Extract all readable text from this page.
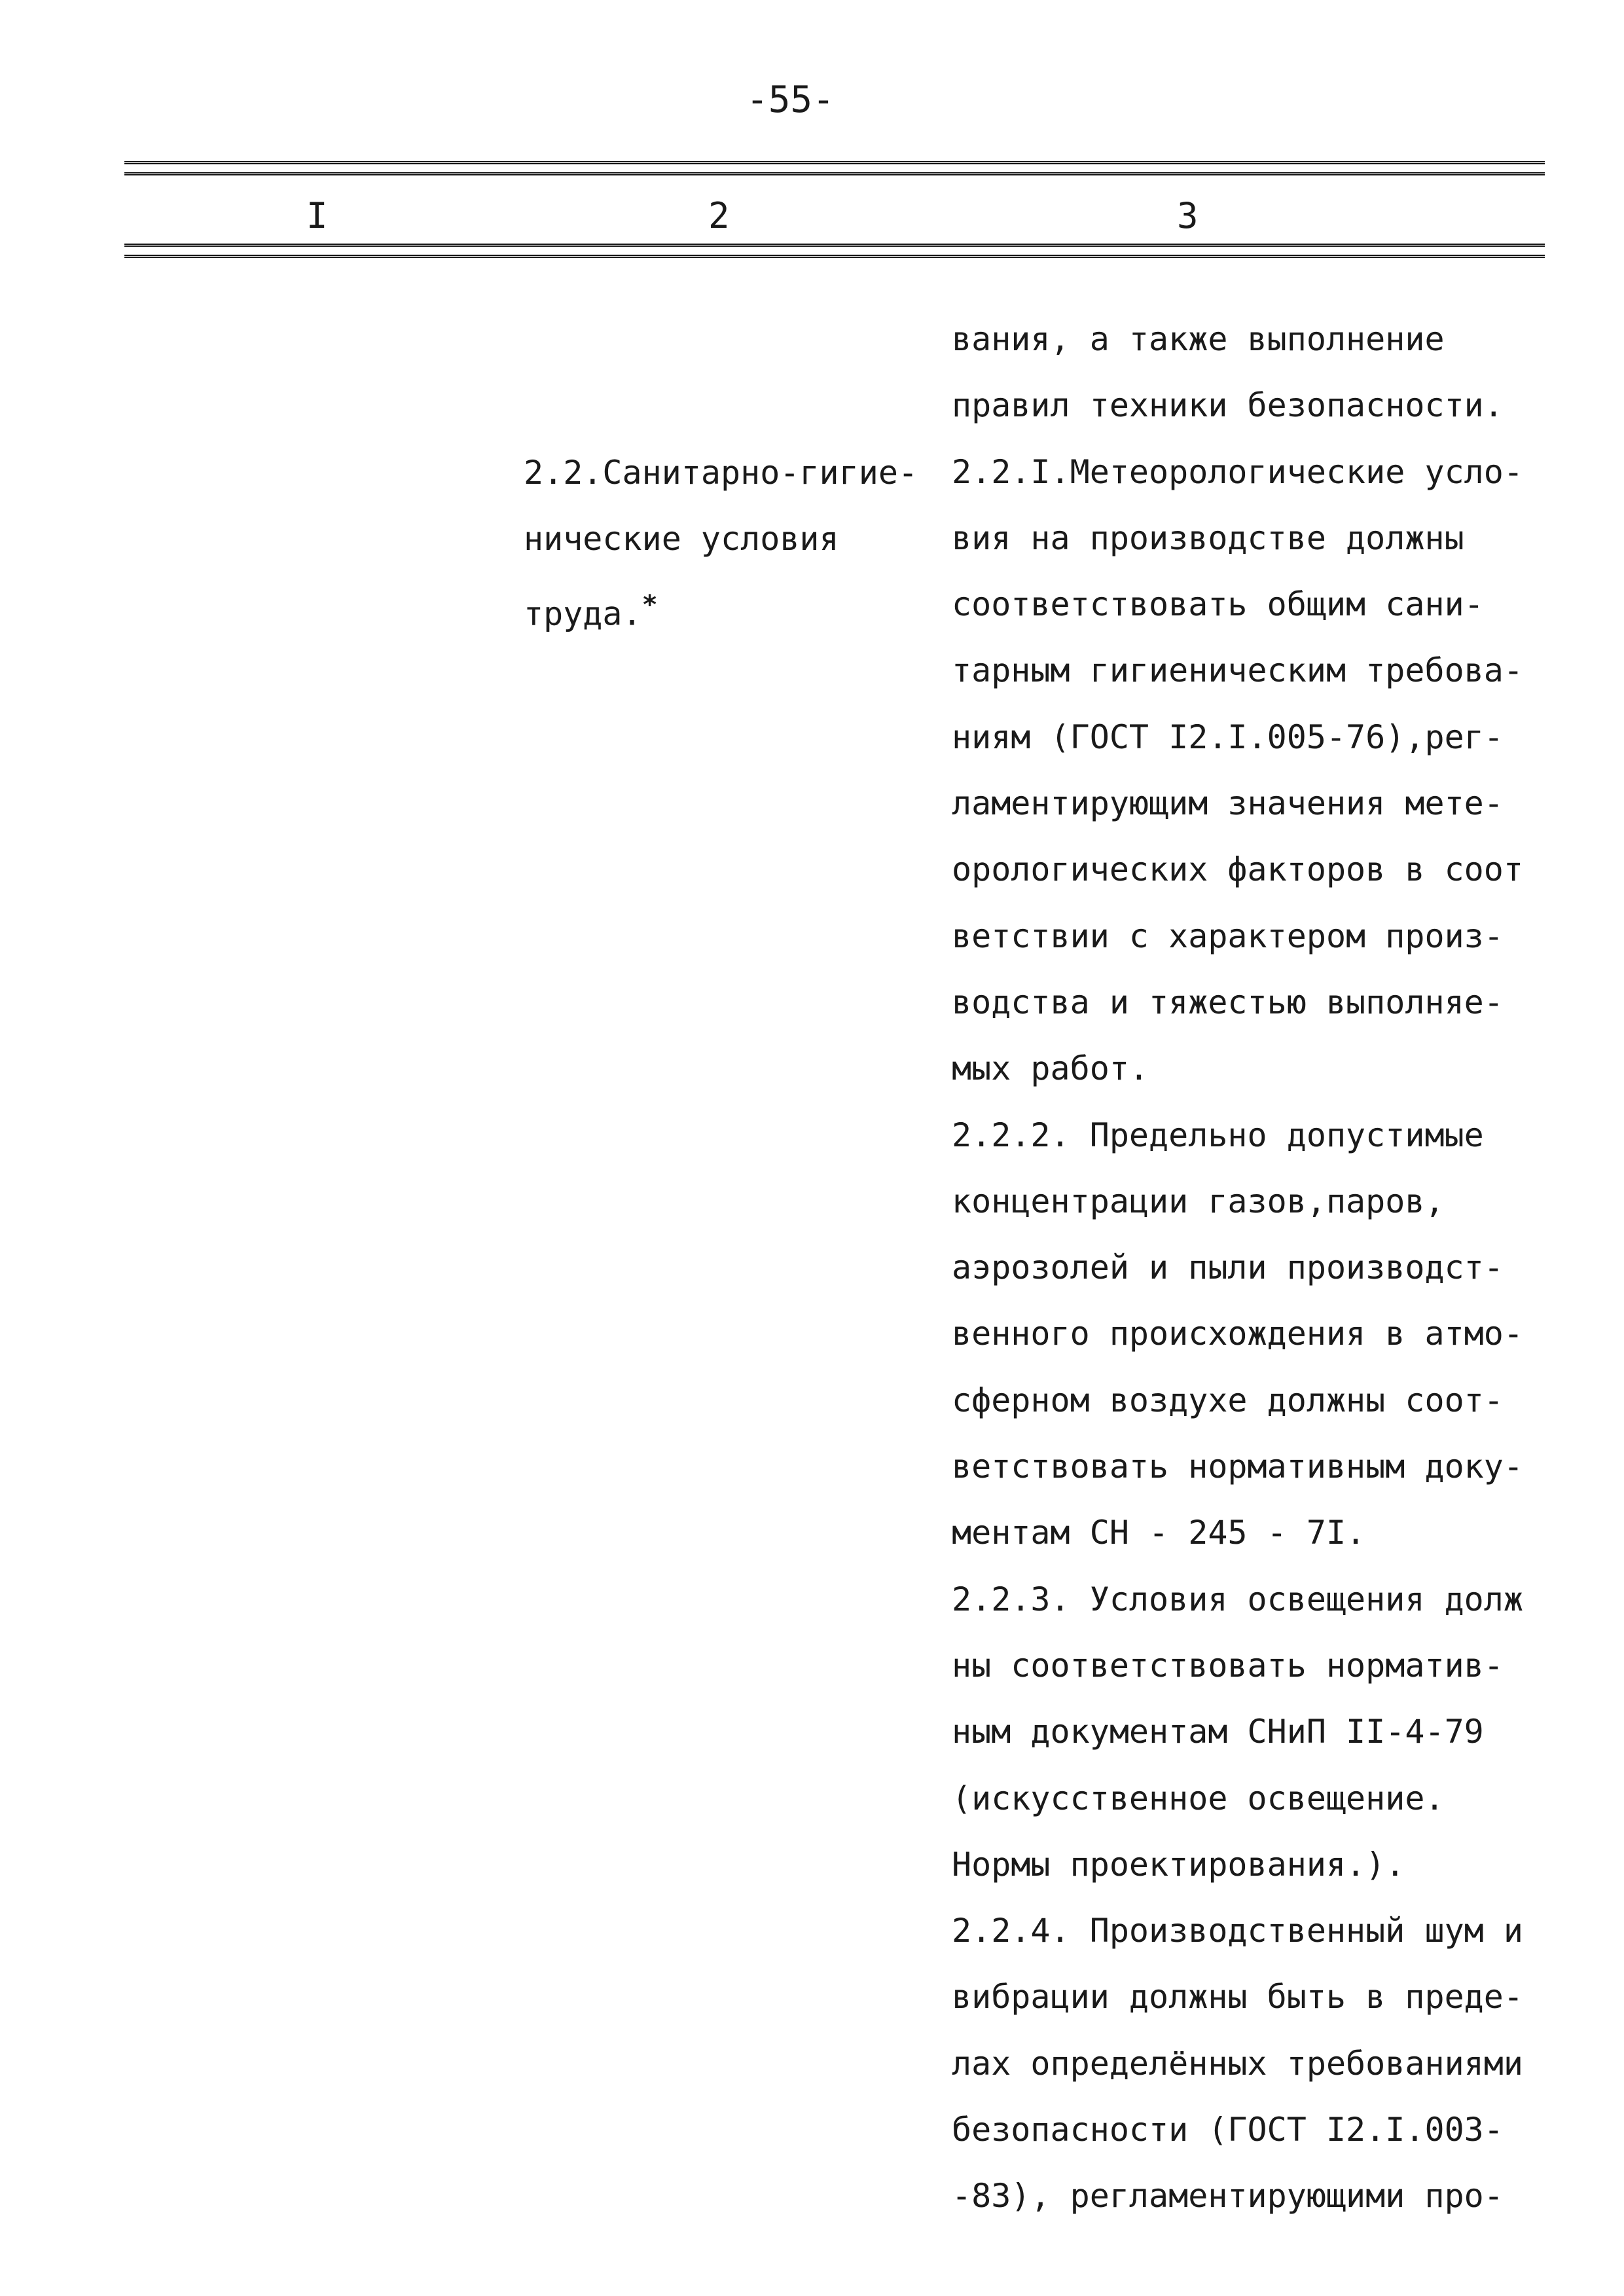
-55-
I	2	3
2.2.Санитарно-гигие-
нические условия
труда.*
вания, а также выполнение
правил техники безопасности.
2.2.I.Метеорологические усло-
вия на производстве должны
соответствовать общим сани-
тарным гигиеническим требова-
ниям (ГОСТ I2.I.005-76),рег-
ламентирующим значения мете-
орологических факторов в соот
ветствии с характером произ-
водства и тяжестью выполняе-
мых работ.
2.2.2. Предельно допустимые
концентрации газов,паров,
аэрозолей и пыли производст-
венного происхождения в атмо-
сферном воздухе должны соот-
ветствовать нормативным доку-
ментам СН - 245 - 7I.
2.2.3. Условия освещения долж
ны соответствовать норматив-
ным документам СНиП II-4-79
(искусственное освещение.
Нормы проектирования.).
2.2.4. Производственный шум и
вибрации должны быть в преде-
лах определённых требованиями
безопасности (ГОСТ I2.I.003-
-83), регламентирующими про-
